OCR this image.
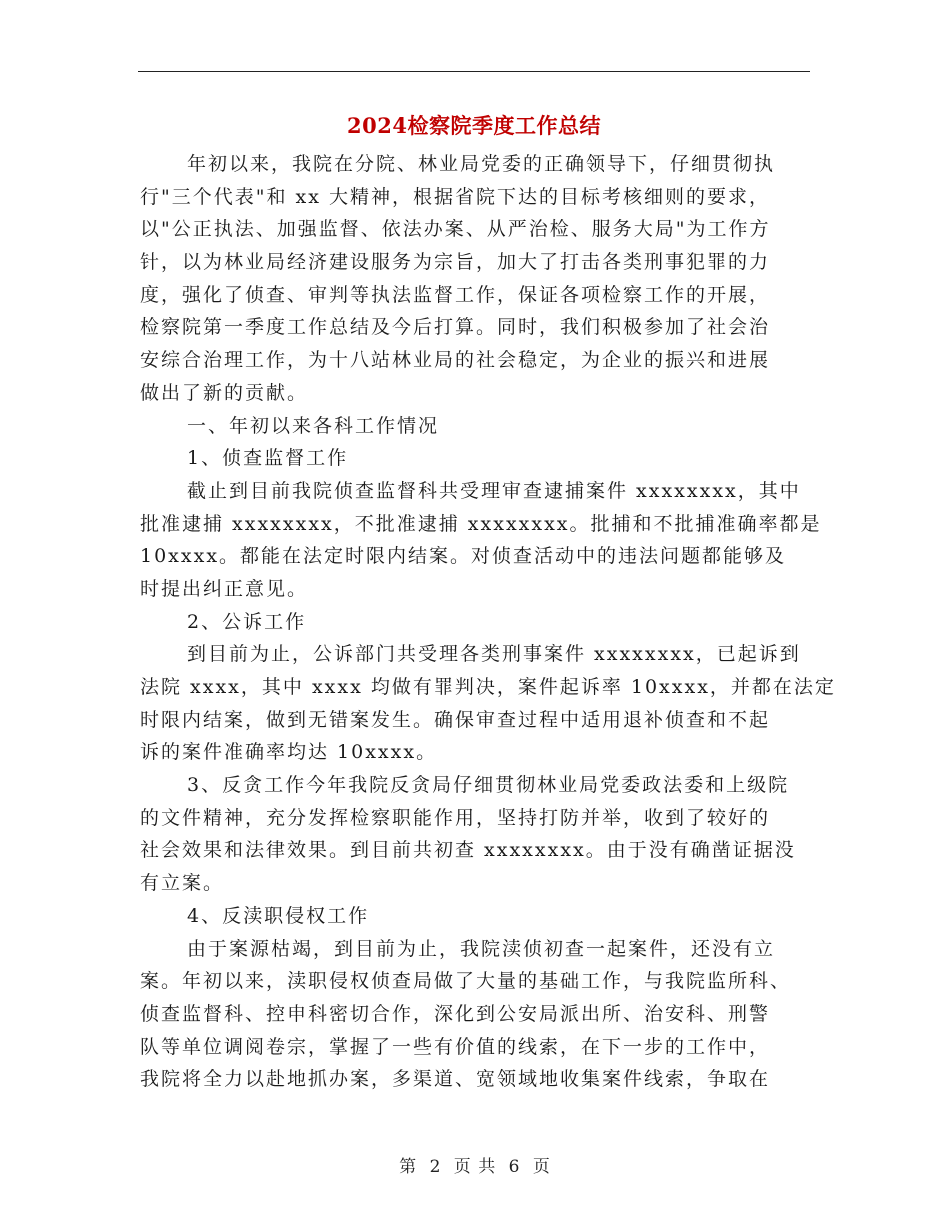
2024检察院季度工作总结
年初以来，我院在分院、林业局党委的正确领导下，仔细贯彻执
行"三个代表"和 xx 大精神，根据省院下达的目标考核细则的要求，
以"公正执法、加强监督、依法办案、从严治检、服务大局"为工作方
针，以为林业局经济建设服务为宗旨，加大了打击各类刑事犯罪的力
度，强化了侦查、审判等执法监督工作，保证各项检察工作的开展，
检察院第一季度工作总结及今后打算。同时，我们积极参加了社会治
安综合治理工作，为十八站林业局的社会稳定，为企业的振兴和进展
做出了新的贡献。
一、年初以来各科工作情况
1、侦查监督工作
截止到目前我院侦查监督科共受理审查逮捕案件 xxxxxxxx，其中
批准逮捕 xxxxxxxx，不批准逮捕 xxxxxxxx。批捕和不批捕准确率都是
10xxxx。都能在法定时限内结案。对侦查活动中的违法问题都能够及
时提出纠正意见。
2、公诉工作
到目前为止，公诉部门共受理各类刑事案件 xxxxxxxx，已起诉到
法院 xxxx，其中 xxxx 均做有罪判决，案件起诉率 10xxxx，并都在法定
时限内结案，做到无错案发生。确保审查过程中适用退补侦查和不起
诉的案件准确率均达 10xxxx。
3、反贪工作今年我院反贪局仔细贯彻林业局党委政法委和上级院
的文件精神，充分发挥检察职能作用，坚持打防并举，收到了较好的
社会效果和法律效果。到目前共初查 xxxxxxxx。由于没有确凿证据没
有立案。
4、反渎职侵权工作
由于案源枯竭，到目前为止，我院渎侦初查一起案件，还没有立
案。年初以来，渎职侵权侦查局做了大量的基础工作，与我院监所科、
侦查监督科、控申科密切合作，深化到公安局派出所、治安科、刑警
队等单位调阅卷宗，掌握了一些有价值的线索，在下一步的工作中，
我院将全力以赴地抓办案，多渠道、宽领域地收集案件线索，争取在
第 2 页 共 6 页
